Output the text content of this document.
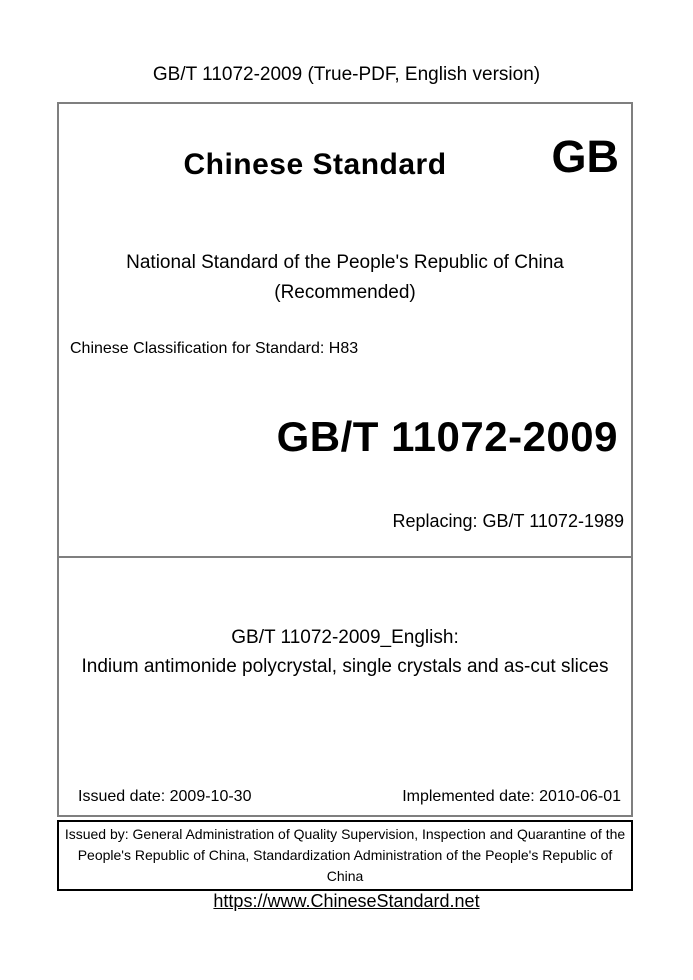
GB/T 11072-2009 (True-PDF, English version)
Chinese Standard	GB
National Standard of the People's Republic of China
(Recommended)
Chinese Classification for Standard: H83
GB/T 11072-2009
Replacing: GB/T 11072-1989
GB/T 11072-2009_English:
Indium antimonide polycrystal, single crystals and as-cut slices
Issued date: 2009-10-30	Implemented date: 2010-06-01
Issued by: General Administration of Quality Supervision, Inspection and Quarantine of the People's Republic of China, Standardization Administration of the People's Republic of China
https://www.ChineseStandard.net
